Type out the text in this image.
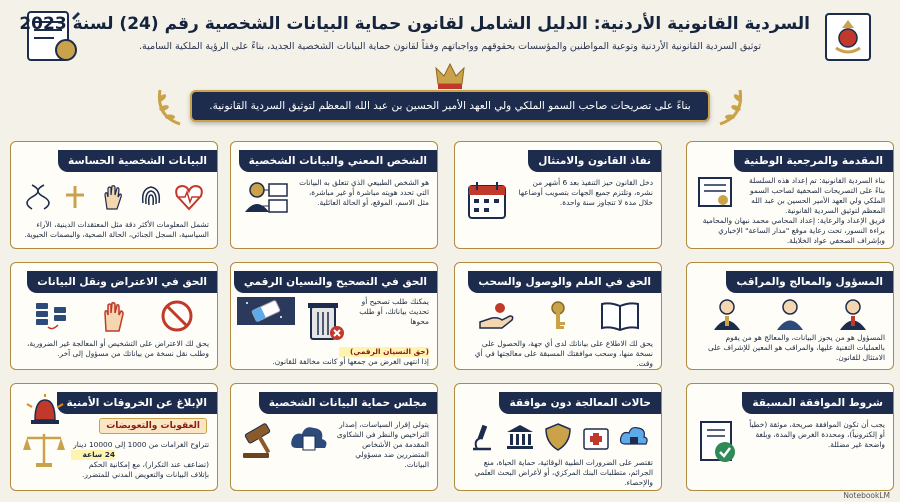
السردية القانونية الأردنية: الدليل الشامل لقانون حماية البيانات الشخصية رقم (24) لسنة 2023
توثيق السردية القانونية الأردنية وتوعية المواطنين والمؤسسات بحقوقهم وواجباتهم وفقاً لقانون حماية البيانات الشخصية الجديد، بناءً على الرؤية الملكية السامية.
بناءً على تصريحات صاحب السمو الملكي ولي العهد الأمير الحسين بن عبد الله المعظم لتوثيق السردية القانونية.
المقدمة والمرجعية الوطنية
بناء السردية القانونية: تم إعداد هذه السلسلة بناءً على التصريحات الصحفية لصاحب السمو الملكي ولي العهد الأمير الحسين بن عبد الله المعظم لتوثيق السردية القانونية.
فريق الإعداد والرعاية: إعداد المحامي محمد نبهان والمحامية براءة النسور، تحت رعاية موقع "مدار الساعة" الإخباري وبإشراف الصحفي عواد الخلايلة.
نفاذ القانون والامتثال
دخل القانون حيز التنفيذ بعد 6 أشهر من نشره، وتلتزم جميع الجهات بتصويب أوضاعها خلال مدة لا تتجاوز سنة واحدة.
الشخص المعني والبيانات الشخصية
هو الشخص الطبيعي الذي تتعلق به البيانات التي تحدد هويته مباشرة أو غير مباشرة، مثل الاسم، الموقع، أو الحالة العائلية.
البيانات الشخصية الحساسة
تشمل المعلومات الأكثر دقة مثل المعتقدات الدينية، الآراء السياسية، السجل الجنائي، الحالة الصحية، والبصمات الحيوية.
المسؤول والمعالج والمراقب
المسؤول هو من يحوز البيانات، والمعالج هو من يقوم بالعمليات التقنية عليها، والمراقب هو المعين للإشراف على الامتثال للقانون.
الحق في العلم والوصول والسحب
يحق لك الاطلاع على بياناتك لدى أي جهة، والحصول على نسخة منها، وسحب موافقتك المسبقة على معالجتها في أي وقت.
الحق في التصحيح والنسيان الرقمي
يمكنك طلب تصحيح أو تحديث بياناتك، أو طلب محوها
(حق النسيان الرقمي)
إذا انتهى الغرض من جمعها أو كانت مخالفة للقانون.
الحق في الاعتراض ونقل البيانات
يحق لك الاعتراض على التشخيص أو المعالجة غير الضرورية، وطلب نقل نسخة من بياناتك من مسؤول إلى آخر.
شروط الموافقة المسبقة
يجب أن تكون الموافقة صريحة، موثقة (خطياً أو إلكترونياً)، ومحددة الغرض والمدة، وبلغة واضحة غير مضللة.
حالات المعالجة دون موافقة
تقتصر على الضرورات الطبية الوقائية، حماية الحياة، منع الجرائم، متطلبات البنك المركزي، أو لأغراض البحث العلمي والإحصاء.
مجلس حماية البيانات الشخصية
يتولى إقرار السياسات، إصدار التراخيص والنظر في الشكاوى المقدمة من الأشخاص المتضررين ضد مسؤولي البيانات.
الإبلاغ عن الخروقات الأمنية
العقوبات والتعويضات
تتراوح الغرامات من 1000 إلى 10000 دينار
24 ساعة
(تضاعف عند التكرار)، مع إمكانية الحكم بإتلاف البيانات والتعويض المدني للمتضرر.
NotebookLM
